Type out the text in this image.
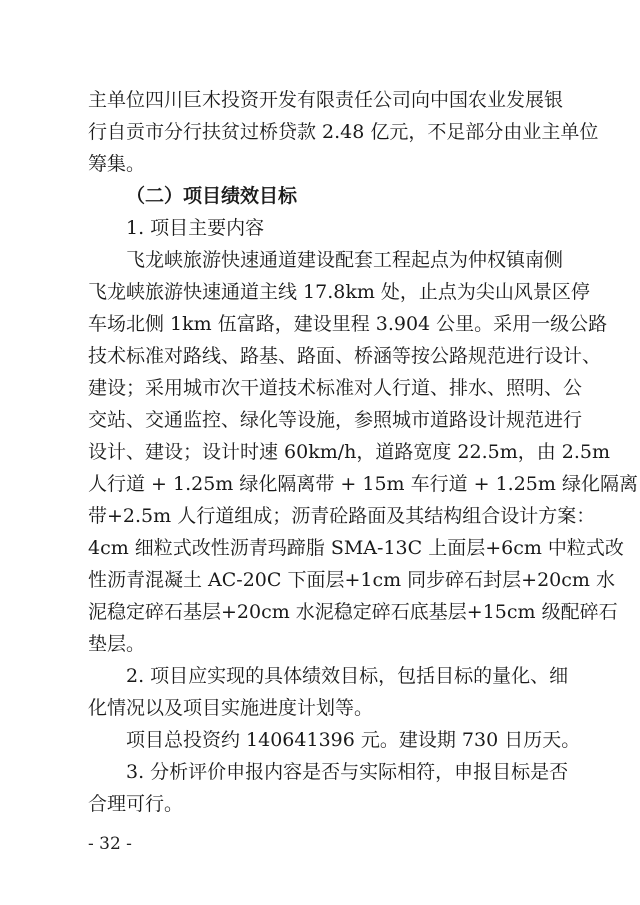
主单位四川巨木投资开发有限责任公司向中国农业发展银
行自贡市分行扶贫过桥贷款 2.48 亿元，不足部分由业主单位
筹集。
（二）项目绩效目标
1. 项目主要内容
飞龙峡旅游快速通道建设配套工程起点为仲权镇南侧
飞龙峡旅游快速通道主线 17.8km 处，止点为尖山风景区停
车场北侧 1km 伍富路，建设里程 3.904 公里。采用一级公路
技术标准对路线、路基、路面、桥涵等按公路规范进行设计、
建设；采用城市次干道技术标准对人行道、排水、照明、公
交站、交通监控、绿化等设施，参照城市道路设计规范进行
设计、建设；设计时速 60km/h，道路宽度 22.5m，由 2.5m
人行道 + 1.25m 绿化隔离带 + 15m 车行道 + 1.25m 绿化隔离
带+2.5m 人行道组成；沥青砼路面及其结构组合设计方案：
4cm 细粒式改性沥青玛蹄脂 SMA-13C 上面层+6cm 中粒式改
性沥青混凝土 AC-20C 下面层+1cm 同步碎石封层+20cm 水
泥稳定碎石基层+20cm 水泥稳定碎石底基层+15cm 级配碎石
垫层。
2. 项目应实现的具体绩效目标，包括目标的量化、细
化情况以及项目实施进度计划等。
项目总投资约 140641396 元。建设期 730 日历天。
3. 分析评价申报内容是否与实际相符，申报目标是否
合理可行。
- 32 -
